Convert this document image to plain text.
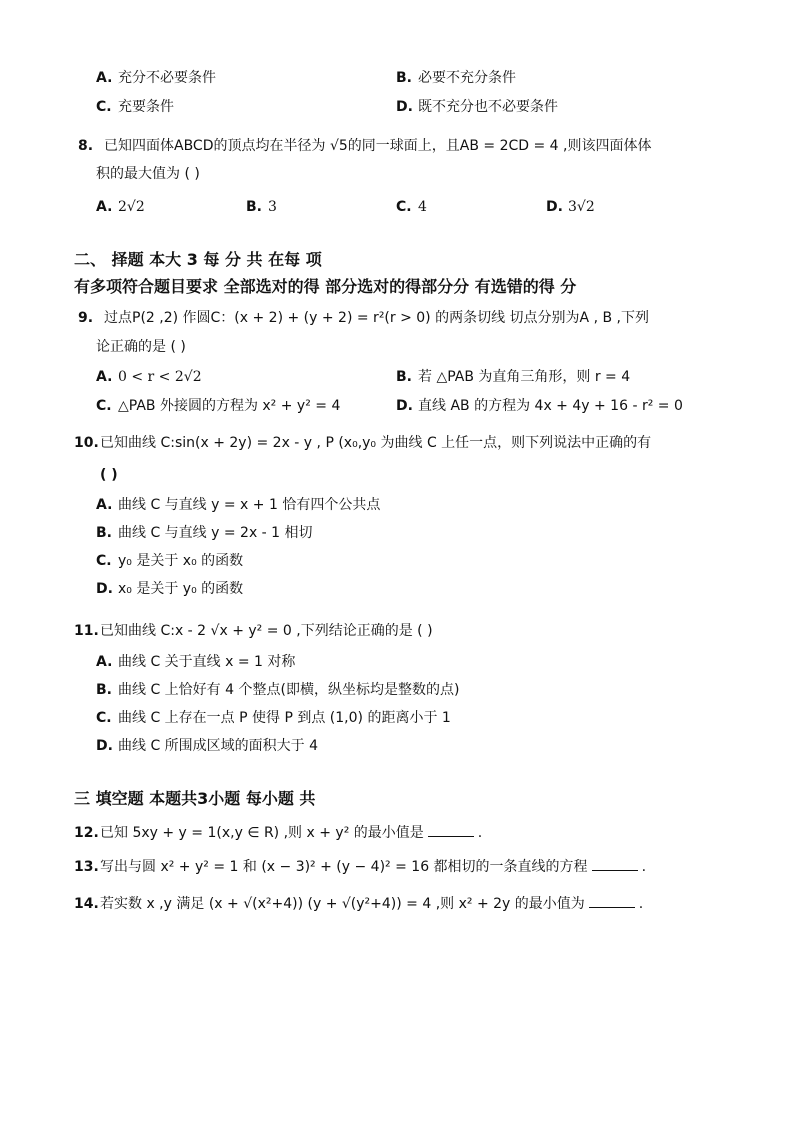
A. 充分不必要条件	B. 必要不充分条件
C. 充要条件	D. 既不充分也不必要条件
8. 已知四面体ABCD的顶点均在半径为 √5的同一球面上，且AB = 2CD = 4 ,则该四面体体
积的最大值为 ( )
A. 2√2	B. 3	C. 4	D. 3√2
二、 择题 本大 3 每 分 共 在每 项
有多项符合题目要求 全部选对的得 部分选对的得部分分 有选错的得 分
9. 过点P(2 ,2) 作圆C：(x + 2) + (y + 2) = r²(r > 0) 的两条切线 切点分别为A , B ,下列
论正确的是 ( )
A. 0 < r < 2√2	B. 若 △PAB 为直角三角形，则 r = 4
C. △PAB 外接圆的方程为 x² + y² = 4	D. 直线 AB 的方程为 4x + 4y + 16 - r² = 0
10.已知曲线 C:sin(x + 2y) = 2x - y , P (x₀,y₀ 为曲线 C 上任一点，则下列说法中正确的有
( )
A. 曲线 C 与直线 y = x + 1 恰有四个公共点
B. 曲线 C 与直线 y = 2x - 1 相切
C. y₀ 是关于 x₀ 的函数
D. x₀ 是关于 y₀ 的函数
11.已知曲线 C:x - 2 √x + y² = 0 ,下列结论正确的是 ( )
A. 曲线 C 关于直线 x = 1 对称
B. 曲线 C 上恰好有 4 个整点(即横，纵坐标均是整数的点)
C. 曲线 C 上存在一点 P 使得 P 到点 (1,0) 的距离小于 1
D. 曲线 C 所围成区域的面积大于 4
三 填空题 本题共3小题 每小题 共
12.已知 5xy + y = 1(x,y ∈ R) ,则 x + y² 的最小值是	.
13.写出与圆 x² + y² = 1 和 (x − 3)² + (y − 4)² = 16 都相切的一条直线的方程	.
14.若实数 x ,y 满足 (x + √(x²+4)) (y + √(y²+4)) = 4 ,则 x² + 2y 的最小值为	.
